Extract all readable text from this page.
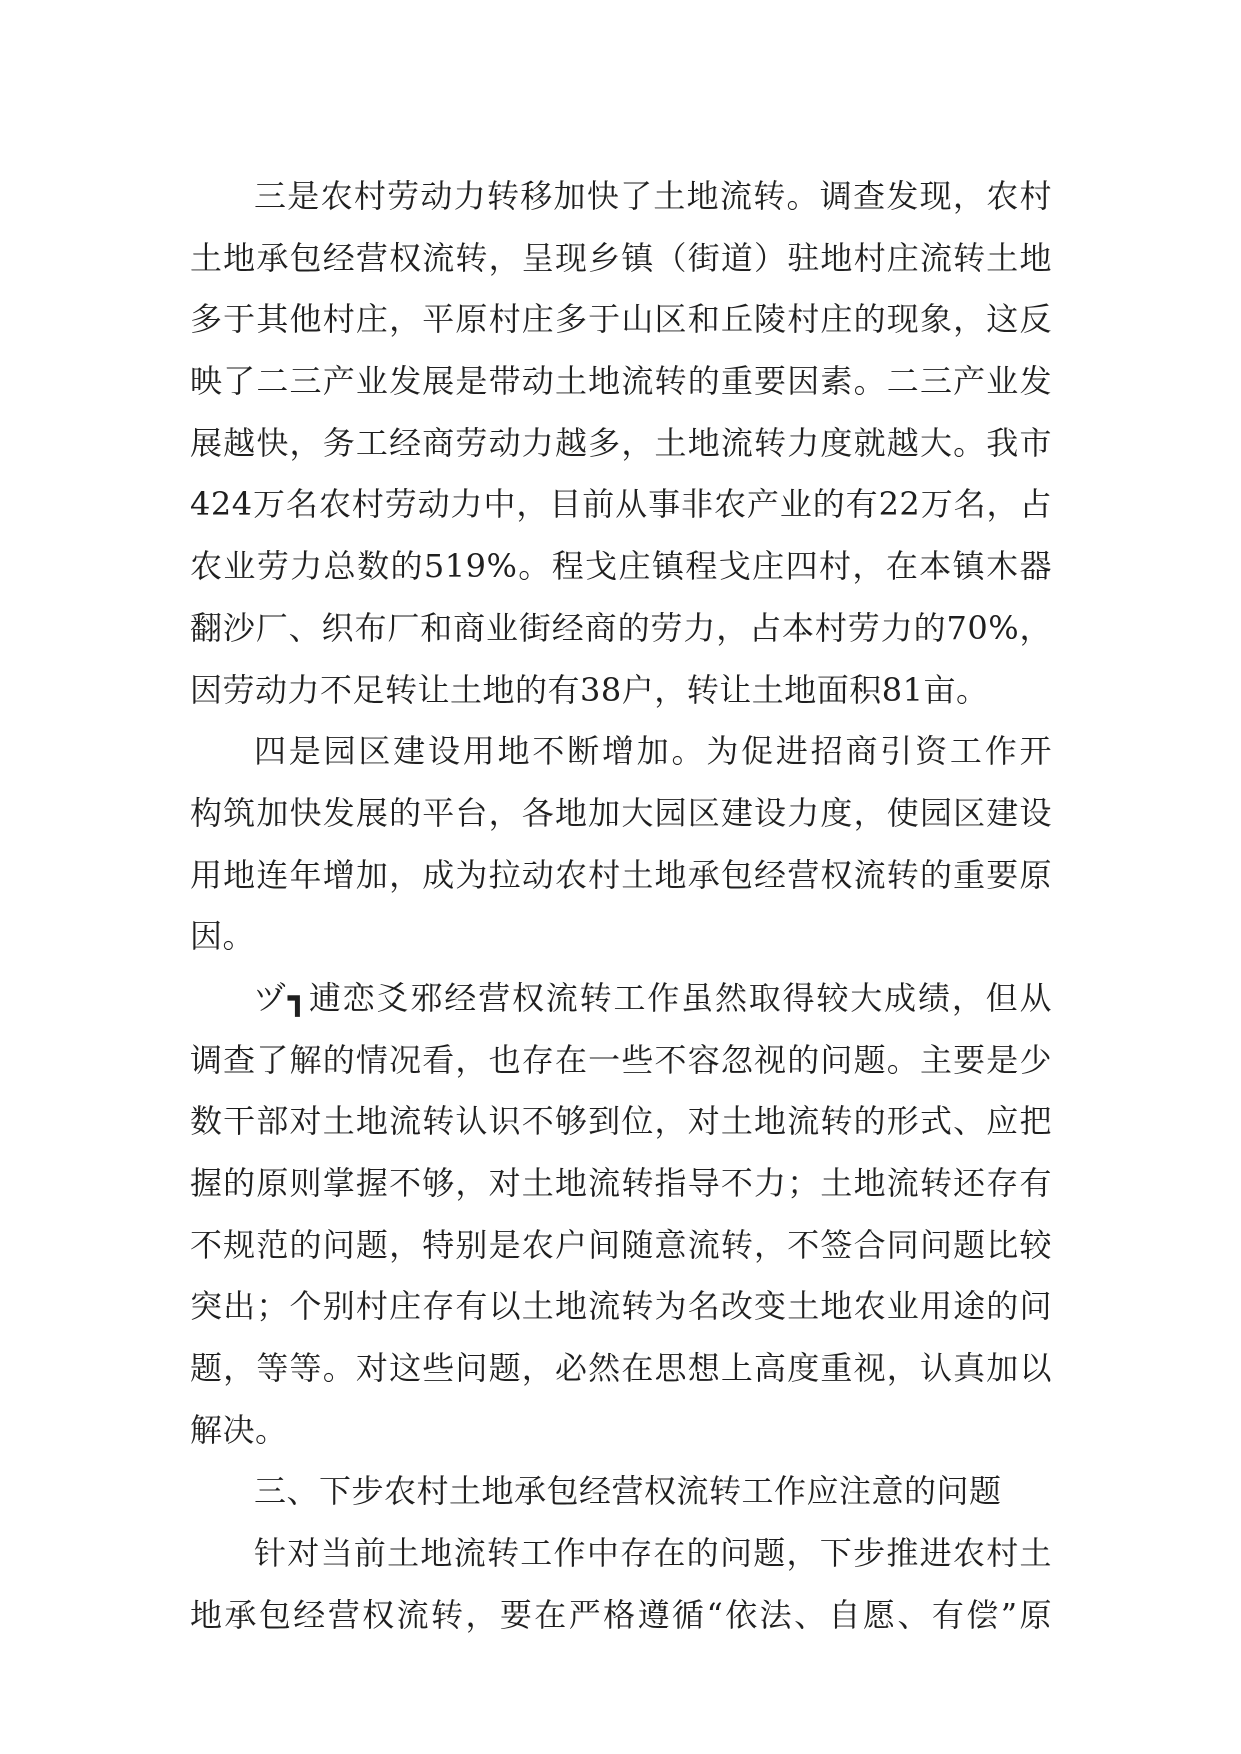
三是农村劳动力转移加快了土地流转。调查发现，农村
土地承包经营权流转，呈现乡镇（街道）驻地村庄流转土地
多于其他村庄，平原村庄多于山区和丘陵村庄的现象，这反
映了二三产业发展是带动土地流转的重要因素。二三产业发
展越快，务工经商劳动力越多，土地流转力度就越大。我市
424万名农村劳动力中，目前从事非农产业的有22万名，占
农业劳力总数的519%。程戈庄镇程戈庄四村，在本镇木器
翻沙厂、织布厂和商业街经商的劳力，占本村劳力的70%，
因劳动力不足转让土地的有38户，转让土地面积81亩。
四是园区建设用地不断增加。为促进招商引资工作开
构筑加快发展的平台，各地加大园区建设力度，使园区建设
用地连年增加，成为拉动农村土地承包经营权流转的重要原
因。
ヅ┓逋恋爻邪经营权流转工作虽然取得较大成绩，但从
调查了解的情况看，也存在一些不容忽视的问题。主要是少
数干部对土地流转认识不够到位，对土地流转的形式、应把
握的原则掌握不够，对土地流转指导不力；土地流转还存有
不规范的问题，特别是农户间随意流转，不签合同问题比较
突出；个别村庄存有以土地流转为名改变土地农业用途的问
题，等等。对这些问题，必然在思想上高度重视，认真加以
解决。
三、下步农村土地承包经营权流转工作应注意的问题
针对当前土地流转工作中存在的问题，下步推进农村土
地承包经营权流转，要在严格遵循“依法、自愿、有偿”原
